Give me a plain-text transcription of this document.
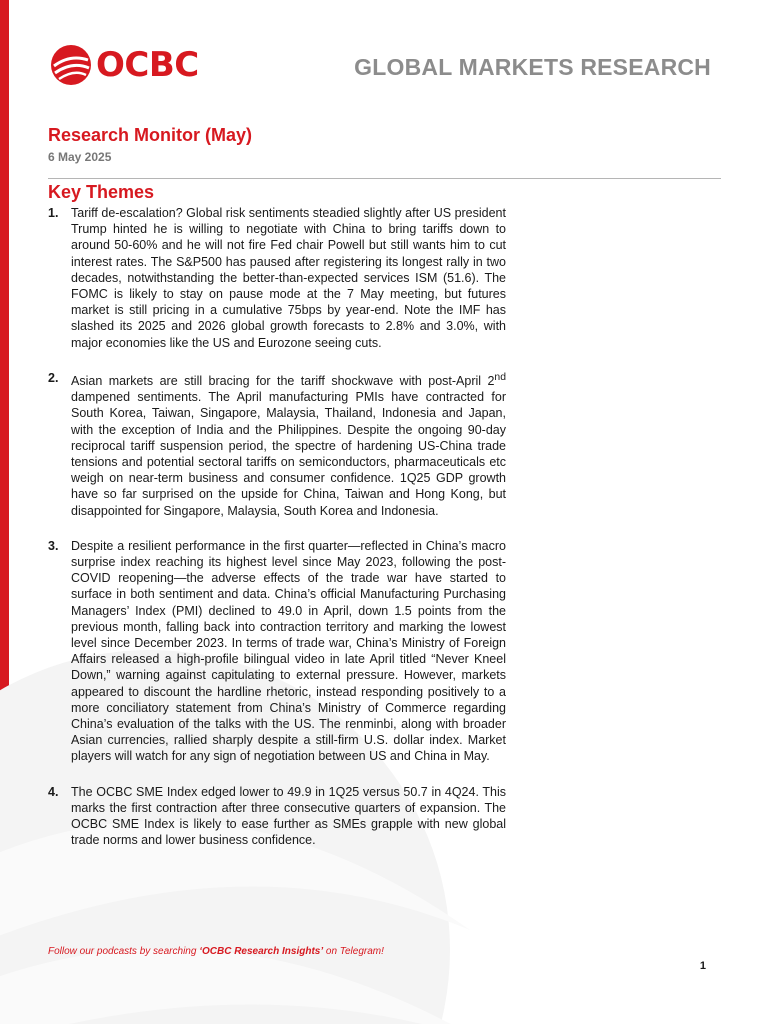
OCBC	GLOBAL MARKETS RESEARCH
Research Monitor (May)
6 May 2025
Key Themes
1.	Tariff de-escalation? Global risk sentiments steadied slightly after US president Trump hinted he is willing to negotiate with China to bring tariffs down to around 50-60% and he will not fire Fed chair Powell but still wants him to cut interest rates. The S&P500 has paused after registering its longest rally in two decades, notwithstanding the better-than-expected services ISM (51.6). The FOMC is likely to stay on pause mode at the 7 May meeting, but futures market is still pricing in a cumulative 75bps by year-end. Note the IMF has slashed its 2025 and 2026 global growth forecasts to 2.8% and 3.0%, with major economies like the US and Eurozone seeing cuts.

2.	Asian markets are still bracing for the tariff shockwave with post-April 2nd dampened sentiments. The April manufacturing PMIs have contracted for South Korea, Taiwan, Singapore, Malaysia, Thailand, Indonesia and Japan, with the exception of India and the Philippines. Despite the ongoing 90-day reciprocal tariff suspension period, the spectre of hardening US-China trade tensions and potential sectoral tariffs on semiconductors, pharmaceuticals etc weigh on near-term business and consumer confidence. 1Q25 GDP growth have so far surprised on the upside for China, Taiwan and Hong Kong, but disappointed for Singapore, Malaysia, South Korea and Indonesia.

3.	Despite a resilient performance in the first quarter—reflected in China’s macro surprise index reaching its highest level since May 2023, following the post-COVID reopening—the adverse effects of the trade war have started to surface in both sentiment and data. China’s official Manufacturing Purchasing Managers’ Index (PMI) declined to 49.0 in April, down 1.5 points from the previous month, falling back into contraction territory and marking the lowest level since December 2023. In terms of trade war, China’s Ministry of Foreign Affairs released a high-profile bilingual video in late April titled “Never Kneel Down,” warning against capitulating to external pressure. However, markets appeared to discount the hardline rhetoric, instead responding positively to a more conciliatory statement from China’s Ministry of Commerce regarding China’s evaluation of the talks with the US. The renminbi, along with broader Asian currencies, rallied sharply despite a still-firm U.S. dollar index. Market players will watch for any sign of negotiation between US and China in May.

4.	The OCBC SME Index edged lower to 49.9 in 1Q25 versus 50.7 in 4Q24. This marks the first contraction after three consecutive quarters of expansion. The OCBC SME Index is likely to ease further as SMEs grapple with new global trade norms and lower business confidence.

Follow our podcasts by searching ‘OCBC Research Insights’ on Telegram!
1
